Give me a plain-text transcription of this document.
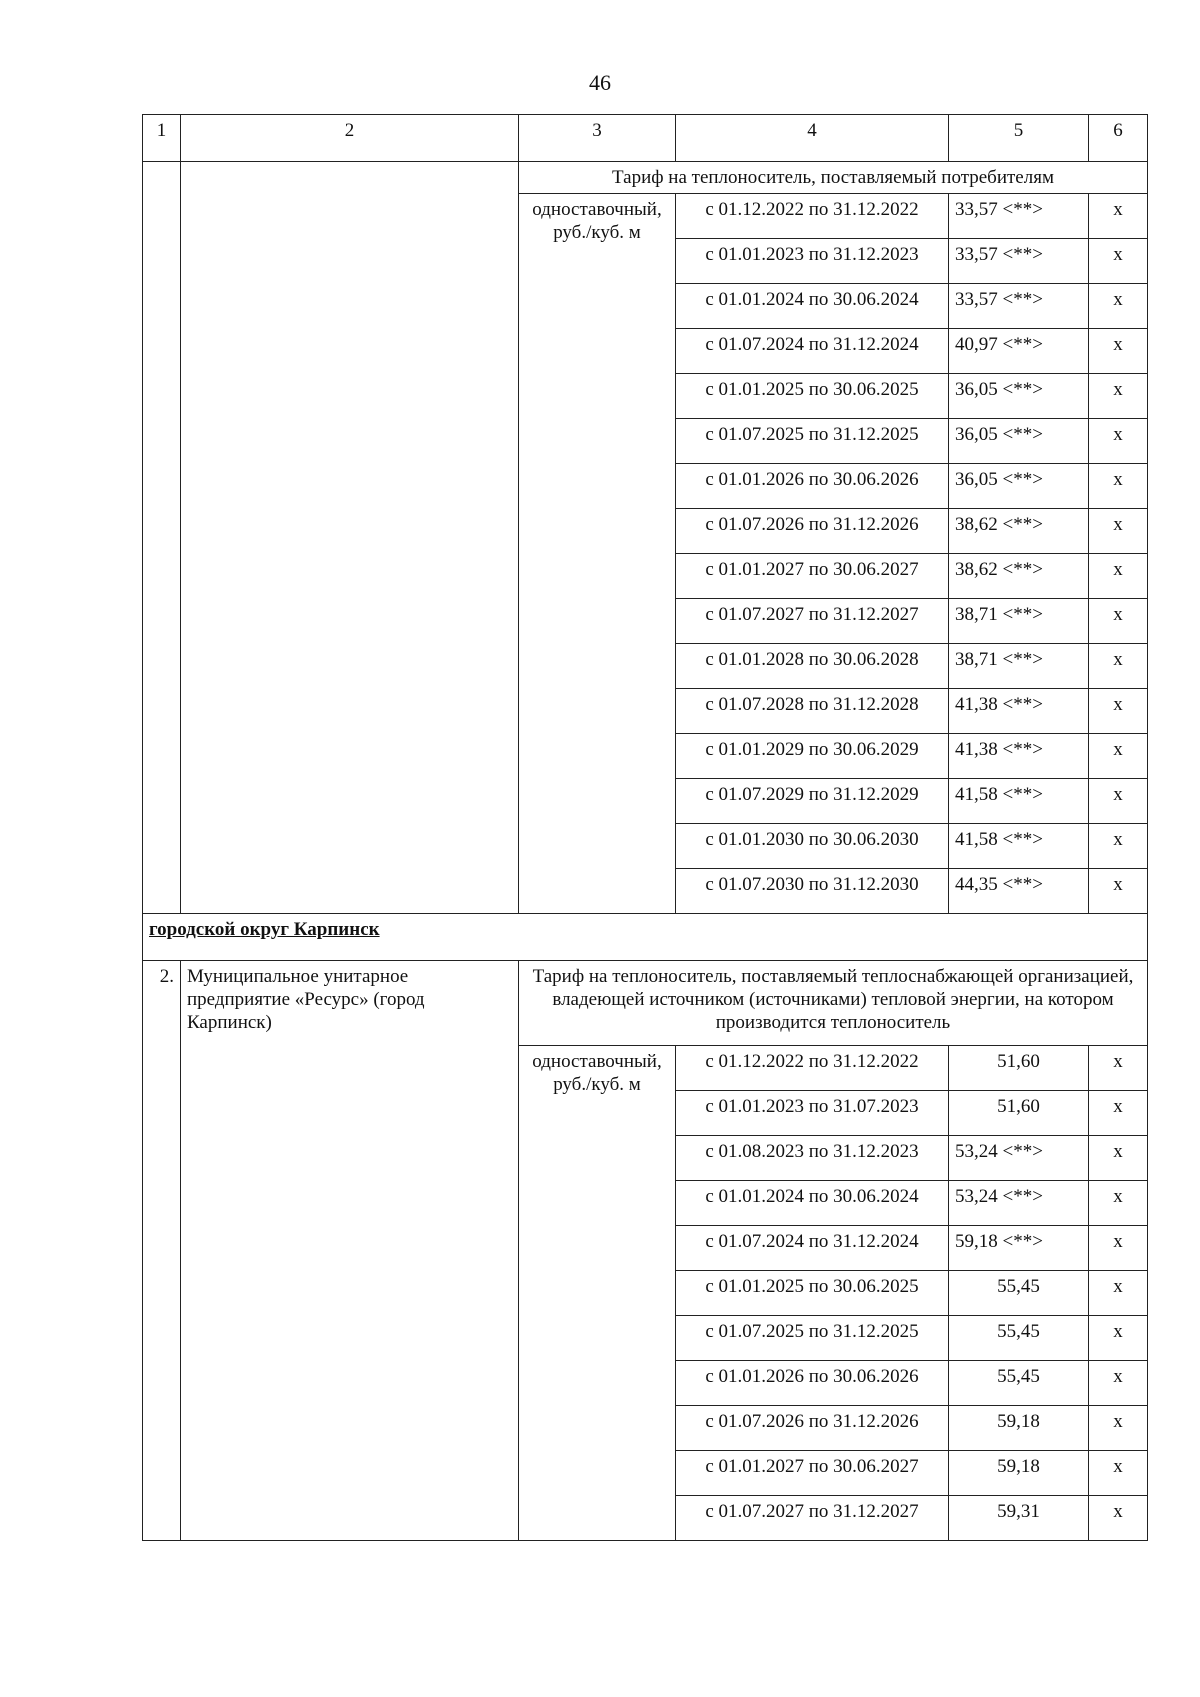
46
1	2	3	4	5	6
		Тариф на теплоноситель, поставляемый потребителям			
		одноставочный, руб./куб. м	с 01.12.2022 по 31.12.2022	33,57 <**>	x
			с 01.01.2023 по 31.12.2023	33,57 <**>	x
			с 01.01.2024 по 30.06.2024	33,57 <**>	x
			с 01.07.2024 по 31.12.2024	40,97 <**>	x
			с 01.01.2025 по 30.06.2025	36,05 <**>	x
			с 01.07.2025 по 31.12.2025	36,05 <**>	x
			с 01.01.2026 по 30.06.2026	36,05 <**>	x
			с 01.07.2026 по 31.12.2026	38,62 <**>	x
			с 01.01.2027 по 30.06.2027	38,62 <**>	x
			с 01.07.2027 по 31.12.2027	38,71 <**>	x
			с 01.01.2028 по 30.06.2028	38,71 <**>	x
			с 01.07.2028 по 31.12.2028	41,38 <**>	x
			с 01.01.2029 по 30.06.2029	41,38 <**>	x
			с 01.07.2029 по 31.12.2029	41,58 <**>	x
			с 01.01.2030 по 30.06.2030	41,58 <**>	x
			с 01.07.2030 по 31.12.2030	44,35 <**>	x
городской округ Карпинск					
2.	Муниципальное унитарное предприятие «Ресурс» (город Карпинск)	Тариф на теплоноситель, поставляемый теплоснабжающей организацией, владеющей источником (источниками) тепловой энергии, на котором производится теплоноситель			
		одноставочный, руб./куб. м	с 01.12.2022 по 31.12.2022	51,60	x
			с 01.01.2023 по 31.07.2023	51,60	x
			с 01.08.2023 по 31.12.2023	53,24 <**>	x
			с 01.01.2024 по 30.06.2024	53,24 <**>	x
			с 01.07.2024 по 31.12.2024	59,18 <**>	x
			с 01.01.2025 по 30.06.2025	55,45	x
			с 01.07.2025 по 31.12.2025	55,45	x
			с 01.01.2026 по 30.06.2026	55,45	x
			с 01.07.2026 по 31.12.2026	59,18	x
			с 01.01.2027 по 30.06.2027	59,18	x
			с 01.07.2027 по 31.12.2027	59,31	x
